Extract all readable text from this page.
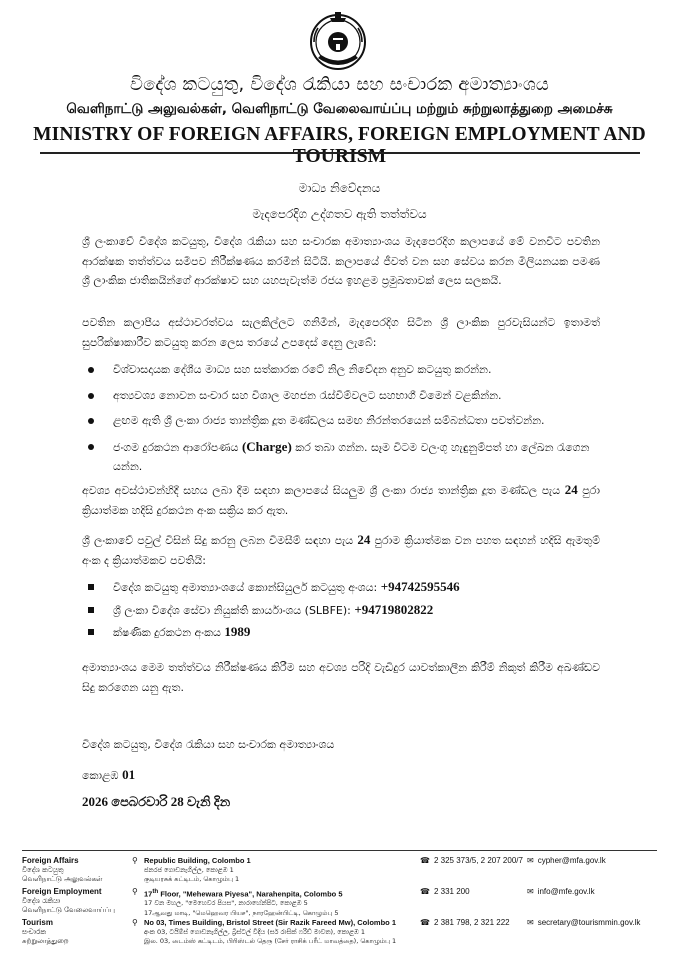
විදේශ කටයුතු, විදේශ රැකියා සහ සංචාරක අමාත්‍යාංශය
வெளிநாட்டு அலுவல்கள், வெளிநாட்டு வேலைவாய்ப்பு மற்றும் சுற்றுலாத்துறை அமைச்சு
MINISTRY OF FOREIGN AFFAIRS, FOREIGN EMPLOYMENT AND TOURISM
මාධ්‍ය නිවේදනය
මැදපෙරදිග උද්ගතව ඇති තත්ත්වය

ශ්‍රී ලංකාවේ විදේශ කටයුතු, විදේශ රැකියා සහ සංචාරක අමාත්‍යාංශය මැදපෙරදිග කලාපයේ මේ වනවිට පවතින ආරක්ෂක තත්ත්වය සමීපව නිරීක්ෂණය කරමින් සිටියි. කලාපයේ ජීවත් වන සහ සේවය කරන මිලියනයක පමණ ශ්‍රී ලාංකික ජාතිකයින්ගේ ආරක්ෂාව සහ යහපැවැත්ම රජය ඉහළම ප්‍රමුඛතාවක් ලෙස සලකයි.

පවතින කලාපීය අස්ථාවරත්වය සැලකිල්ලට ගනිමින්, මැදපෙරදිග සිටින ශ්‍රී ලාංකික පුරවැසියන්ට ඉතාමත් සුපරික්ෂාකාරීව කටයුතු කරන ලෙස තරයේ උපදෙස් දෙනු ලැබේ:

විශ්වාසදායක දේශීය මාධ්‍ය සහ සත්කාරක රටේ නිල නිවේදන අනුව කටයුතු කරන්න.
අත්‍යවශ්‍ය නොවන සංචාර සහ විශාල මහජන රැස්වීම්වලට සහභාගී වීමෙන් වළකින්න.
ළඟම ඇති ශ්‍රී ලංකා රාජ්‍ය තාන්ත්‍රික දූත මණ්ඩලය සමඟ නිරන්තරයෙන් සම්බන්ධතා පවත්වන්න.
ජංගම දුරකථන ආරෝපණය (Charge) කර තබා ගන්න. සෑම විටම වලංගු හැඳුනුම්පත් හා ලේඛන රැගෙන යන්න.

අවශ්‍ය අවස්ථාවන්හිදී සහය ලබා දීම සඳහා කලාපයේ සියලුම ශ්‍රී ලංකා රාජ්‍ය තාන්ත්‍රික දූත මණ්ඩල පැය 24 පුරා ක්‍රියාත්මක හදිසි දුරකථන අංක සක්‍රිය කර ඇත.

ශ්‍රී ලංකාවේ පවුල් විසින් සිදු කරනු ලබන විමසීම් සඳහා පැය 24 පුරාම ක්‍රියාත්මක වන පහත සඳහන් හදිසි ඇමතුම් අංක ද ක්‍රියාත්මකව පවතියි:

විදේශ කටයුතු අමාත්‍යාංශයේ කොන්සියුලර් කටයුතු අංශය: +94742595546
ශ්‍රී ලංකා විදේශ සේවා නියුක්ති කාර්යාංශය (SLBFE): +94719802822
ක්ෂණික දුරකථන අංකය 1989

අමාත්‍යාංශය මෙම තත්ත්වය නිරීක්ෂණය කිරීම සහ අවශ්‍ය පරිදි වැඩිදුර යාවත්කාලීන කිරීම් නිකුත් කිරීම අඛණ්ඩව සිදු කරගෙන යනු ඇත.

විදේශ කටයුතු, විදේශ රැකියා සහ සංචාරක අමාත්‍යාංශය
කොළඹ 01
2026 පෙබරවාරි 28 වැනි දින
Foreign Affairs
විදේශ කටයුතු
வெளிநாட்டு அலுவல்கள்
⚲ Republic Building, Colombo 1
ජනරජ ගොඩනැගිල්ල, කොළඹ 1
குடியரசுக் கட்டிடம், கொழும்பு 1
☎ 2 325 373/5, 2 207 200/7 ✉ cypher@mfa.gov.lk
Foreign Employment
විදේශ රැකියා
வெளிநாட்டு வேலைவாய்ப்பு
⚲ 17th Floor, "Mehewara Piyesa", Narahenpita, Colombo 5
17 වන මහල, "මෙහෙවර පියස", නාරාහේන්පිට, කොළඹ 5
17ஆவது மாடி, "மெஹெவர பியச", நாரஹேன்பிட்டி, கொழும்பு 5
☎ 2 331 200	✉ info@mfe.gov.lk
Tourism
සංචාරක
சுற்றுலாத்துறை
⚲ No 03, Times Building, Bristol Street (Sir Razik Fareed Mw), Colombo 1
අංක 03, ටයිම්ස් ගොඩනැගිල්ල, බ්‍රිස්ටල් වීදිය (සර් රාසික් ෆරීඩ් මාවත), කොළඹ 1
இல. 03, டைம்ஸ் கட்டிடம், பிரிஸ்டல் தெரு (சேர் ராசிக் பரீட் மாவத்தை), கொழும்பு 1
☎ 2 381 798, 2 321 222 ✉ secretary@tourismmin.gov.lk
